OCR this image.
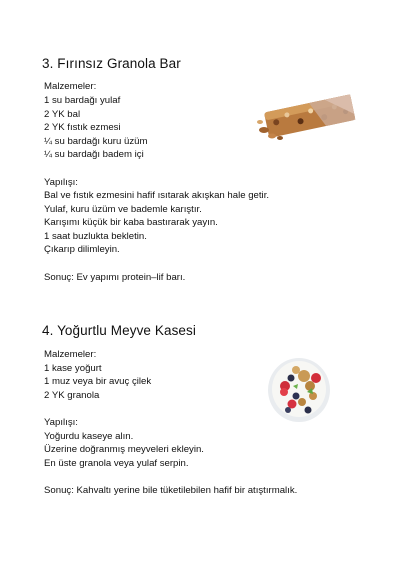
3. Fırınsız Granola Bar
Malzemeler:
1 su bardağı yulaf
2 YK bal
2 YK fıstık ezmesi
¼ su bardağı kuru üzüm
¼ su bardağı badem içi
Yapılışı:
Bal ve fıstık ezmesini hafif ısıtarak akışkan hale getir.
Yulaf, kuru üzüm ve bademle karıştır.
Karışımı küçük bir kaba bastırarak yayın.
1 saat buzlukta bekletin.
Çıkarıp dilimleyin.
Sonuç: Ev yapımı protein–lif barı.
4. Yoğurtlu Meyve Kasesi
Malzemeler:
1 kase yoğurt
1 muz veya bir avuç çilek
2 YK granola
Yapılışı:
Yoğurdu kaseye alın.
Üzerine doğranmış meyveleri ekleyin.
En üste granola veya yulaf serpin.
Sonuç: Kahvaltı yerine bile tüketilebilen hafif bir atıştırmalık.
